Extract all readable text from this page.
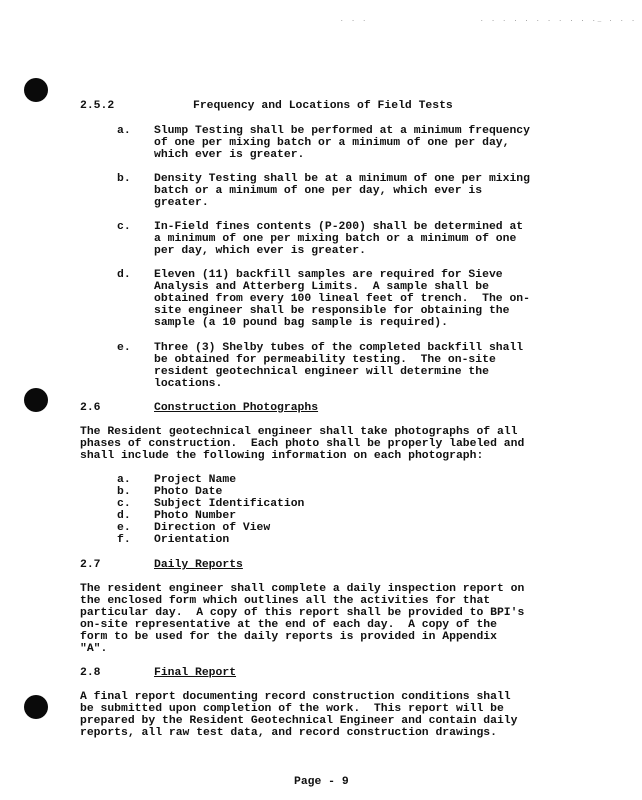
. . .	. . . . . . . . . . ._ . . .
2.5.2	Frequency and Locations of Field Tests
a. Slump Testing shall be performed at a minimum frequency
of one per mixing batch or a minimum of one per day,
which ever is greater.
b. Density Testing shall be at a minimum of one per mixing
batch or a minimum of one per day, which ever is
greater.
c. In-Field fines contents (P-200) shall be determined at
a minimum of one per mixing batch or a minimum of one
per day, which ever is greater.
d. Eleven (11) backfill samples are required for Sieve
Analysis and Atterberg Limits.  A sample shall be
obtained from every 100 lineal feet of trench.  The on-
site engineer shall be responsible for obtaining the
sample (a 10 pound bag sample is required).
e. Three (3) Shelby tubes of the completed backfill shall
be obtained for permeability testing.  The on-site
resident geotechnical engineer will determine the
locations.
2.6	Construction Photographs
The Resident geotechnical engineer shall take photographs of all
phases of construction.  Each photo shall be properly labeled and
shall include the following information on each photograph:
a. Project Name
b. Photo Date
c. Subject Identification
d. Photo Number
e. Direction of View
f. Orientation
2.7	Daily Reports
The resident engineer shall complete a daily inspection report on
the enclosed form which outlines all the activities for that
particular day.  A copy of this report shall be provided to BPI's
on-site representative at the end of each day.  A copy of the
form to be used for the daily reports is provided in Appendix
"A".
2.8	Final Report
A final report documenting record construction conditions shall
be submitted upon completion of the work.  This report will be
prepared by the Resident Geotechnical Engineer and contain daily
reports, all raw test data, and record construction drawings.
Page - 9
